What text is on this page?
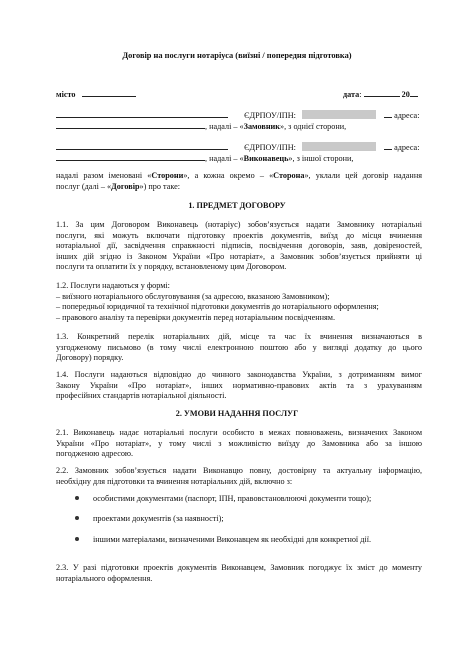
Договір на послуги нотаріуса (виїзні / попередня підготовка)
місто	дата:	20
ЄДРПОУ/ІПН:	адреса:
, надалі – «Замовник», з однієї сторони,
ЄДРПОУ/ІПН:	адреса:
, надалі – «Виконавець», з іншої сторони,
надалі разом іменовані «Сторони», а кожна окремо – «Сторона», уклали цей договір надання
послуг (далі – «Договір») про таке:
1. ПРЕДМЕТ ДОГОВОРУ
1.1. За цим Договором Виконавець (нотаріус) зобов’язується надати Замовнику нотаріальні
послуги, які можуть включати підготовку проектів документів, виїзд до місця вчинення
нотаріальної дії, засвідчення справжності підписів, посвідчення договорів, заяв, довіреностей,
інших дій згідно із Законом України «Про нотаріат», а Замовник зобов’язується прийняти ці
послуги та оплатити їх у порядку, встановленому цим Договором.
1.2. Послуги надаються у формі:
– виїзного нотаріального обслуговування (за адресою, вказаною Замовником);
– попередньої юридичної та технічної підготовки документів до нотаріального оформлення;
– правового аналізу та перевірки документів перед нотаріальним посвідченням.
1.3. Конкретний перелік нотаріальних дій, місце та час їх вчинення визначаються в
узгодженому письмово (в тому числі електронною поштою або у вигляді додатку до цього
Договору) порядку.
1.4. Послуги надаються відповідно до чинного законодавства України, з дотриманням вимог
Закону України «Про нотаріат», інших нормативно-правових актів та з урахуванням
професійних стандартів нотаріальної діяльності.
2. УМОВИ НАДАННЯ ПОСЛУГ
2.1. Виконавець надає нотаріальні послуги особисто в межах повноважень, визначених Законом
України «Про нотаріат», у тому числі з можливістю виїзду до Замовника або за іншою
погодженою адресою.
2.2. Замовник зобов’язується надати Виконавцю повну, достовірну та актуальну інформацію,
необхідну для підготовки та вчинення нотаріальних дій, включно з:
особистими документами (паспорт, ІПН, правовстановлюючі документи тощо);
проектами документів (за наявності);
іншими матеріалами, визначеними Виконавцем як необхідні для конкретної дії.
2.3. У разі підготовки проектів документів Виконавцем, Замовник погоджує їх зміст до моменту
нотаріального оформлення.
